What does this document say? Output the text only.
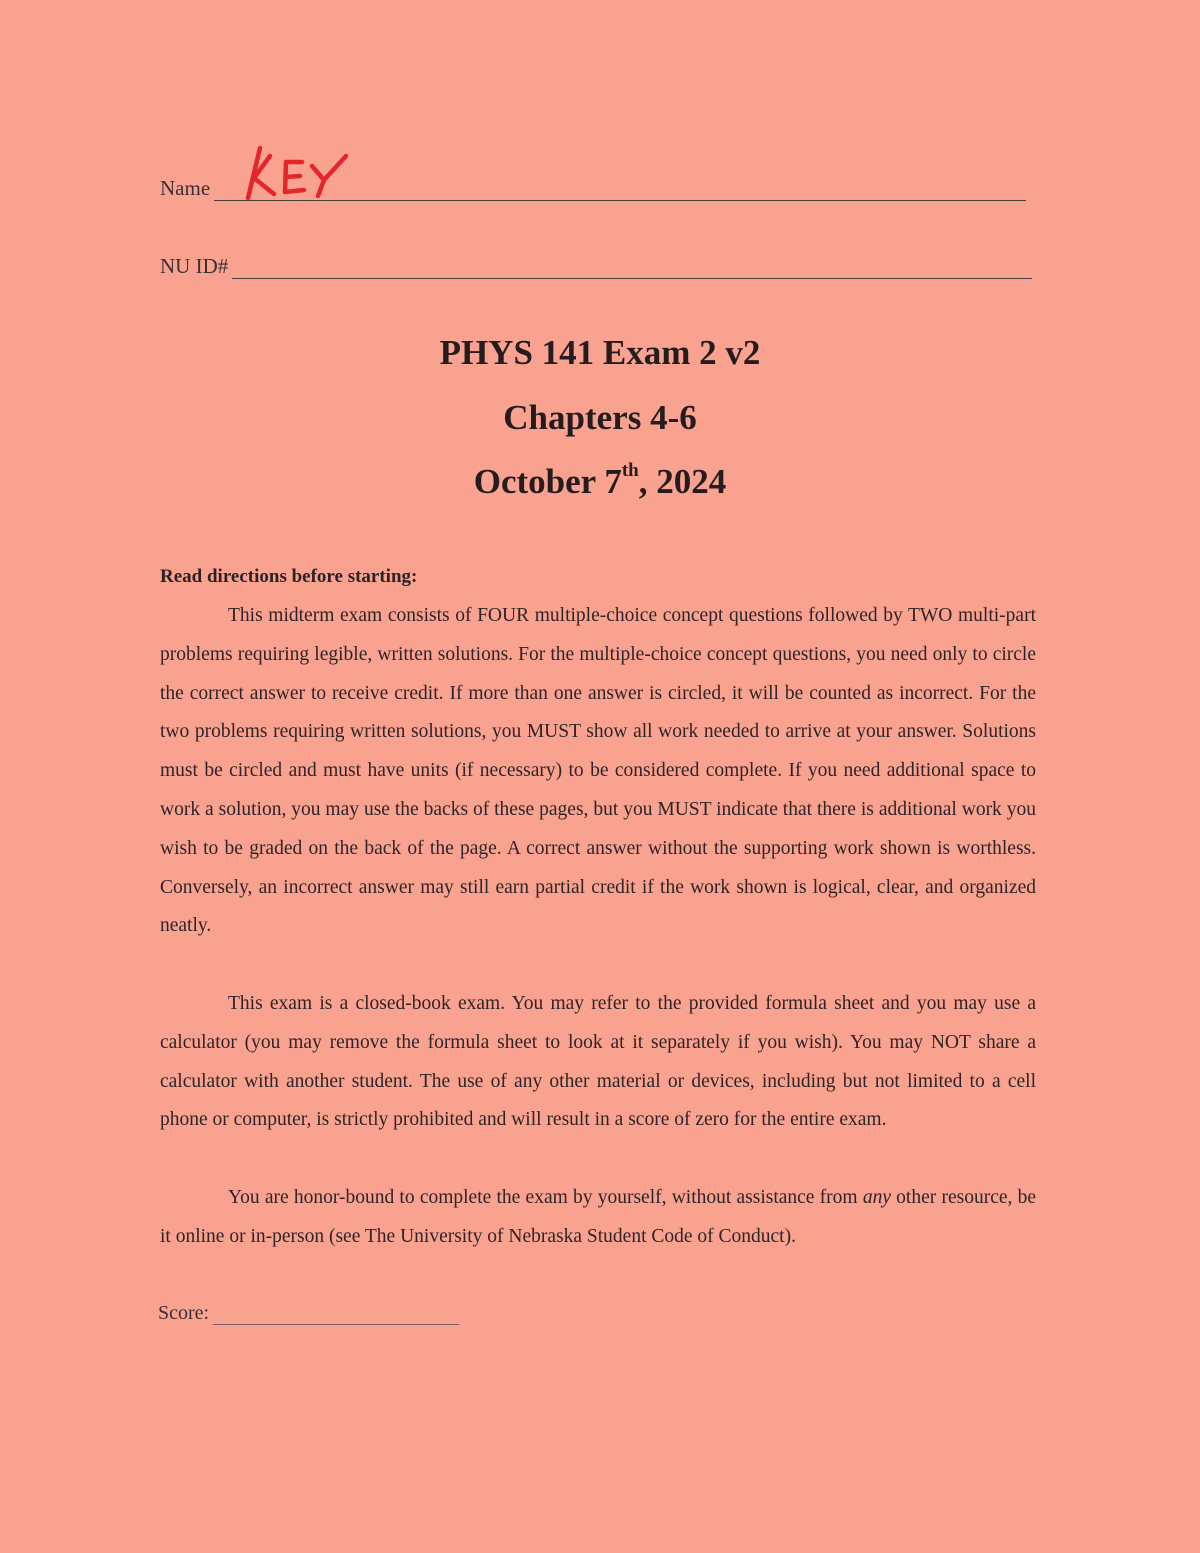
Name
NU ID#
PHYS 141 Exam 2 v2
Chapters 4-6
October 7th, 2024
Read directions before starting:

This midterm exam consists of FOUR multiple-choice concept questions followed by TWO multi-part problems requiring legible, written solutions. For the multiple-choice concept questions, you need only to circle the correct answer to receive credit. If more than one answer is circled, it will be counted as incorrect. For the two problems requiring written solutions, you MUST show all work needed to arrive at your answer. Solutions must be circled and must have units (if necessary) to be considered complete. If you need additional space to work a solution, you may use the backs of these pages, but you MUST indicate that there is additional work you wish to be graded on the back of the page. A correct answer without the supporting work shown is worthless. Conversely, an incorrect answer may still earn partial credit if the work shown is logical, clear, and organized neatly.

This exam is a closed-book exam. You may refer to the provided formula sheet and you may use a calculator (you may remove the formula sheet to look at it separately if you wish). You may NOT share a calculator with another student. The use of any other material or devices, including but not limited to a cell phone or computer, is strictly prohibited and will result in a score of zero for the entire exam.

You are honor-bound to complete the exam by yourself, without assistance from any other resource, be it online or in-person (see The University of Nebraska Student Code of Conduct).

Score:
